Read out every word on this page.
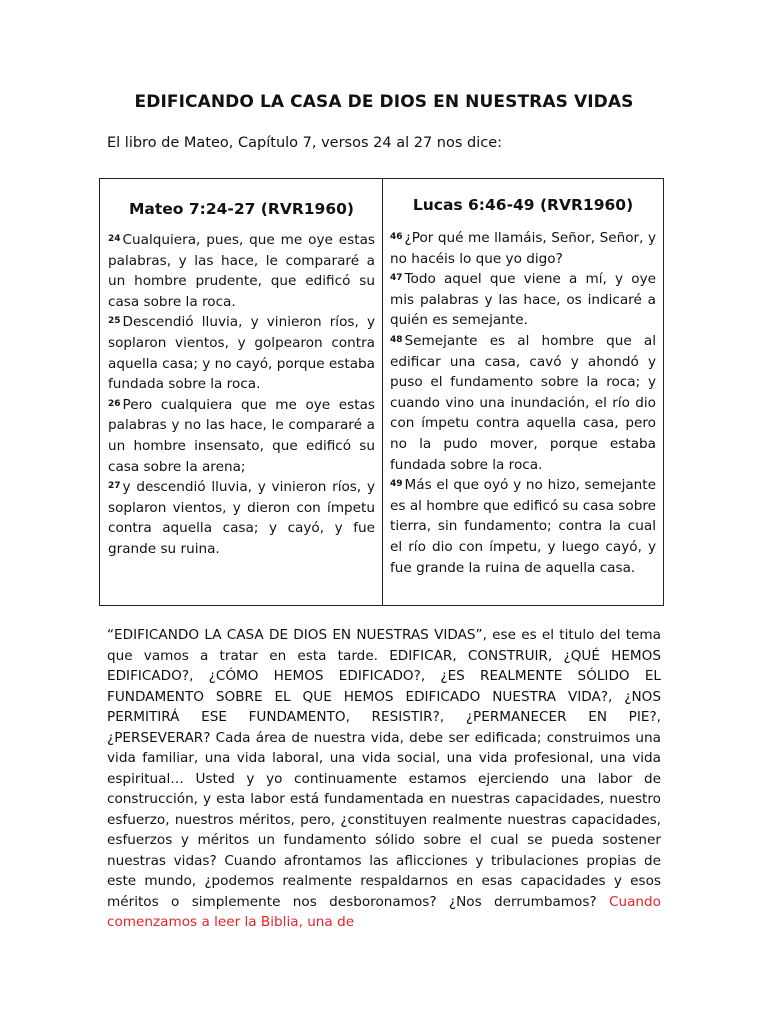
EDIFICANDO LA CASA DE DIOS EN NUESTRAS VIDAS
El libro de Mateo, Capítulo 7, versos 24 al 27 nos dice:
Mateo 7:24-27 (RVR1960)
$^{24}$ Cualquiera, pues, que me oye estas palabras, y las hace, le compararé a un hombre prudente, que edificó su casa sobre la roca.
$^{25}$ Descendió lluvia, y vinieron ríos, y soplaron vientos, y golpearon contra aquella casa; y no cayó, porque estaba fundada sobre la roca.
$^{26}$ Pero cualquiera que me oye estas palabras y no las hace, le compararé a un hombre insensato, que edificó su casa sobre la arena;
$^{27}$ y descendió lluvia, y vinieron ríos, y soplaron vientos, y dieron con ímpetu contra aquella casa; y cayó, y fue grande su ruina.
Lucas 6:46-49 (RVR1960)
$^{46}$ ¿Por qué me llamáis, Señor, Señor, y no hacéis lo que yo digo?
$^{47}$ Todo aquel que viene a mí, y oye mis palabras y las hace, os indicaré a quién es semejante.
$^{48}$ Semejante es al hombre que al edificar una casa, cavó y ahondó y puso el fundamento sobre la roca; y cuando vino una inundación, el río dio con ímpetu contra aquella casa, pero no la pudo mover, porque estaba fundada sobre la roca.
$^{49}$ Más el que oyó y no hizo, semejante es al hombre que edificó su casa sobre tierra, sin fundamento; contra la cual el río dio con ímpetu, y luego cayó, y fue grande la ruina de aquella casa.
“EDIFICANDO LA CASA DE DIOS EN NUESTRAS VIDAS”, ese es el titulo del tema que vamos a tratar en esta tarde. EDIFICAR, CONSTRUIR, ¿QUÉ HEMOS EDIFICADO?, ¿CÓMO HEMOS EDIFICADO?, ¿ES REALMENTE SÓLIDO EL FUNDAMENTO SOBRE EL QUE HEMOS EDIFICADO NUESTRA VIDA?, ¿NOS PERMITIRÁ ESE FUNDAMENTO, RESISTIR?, ¿PERMANECER EN PIE?, ¿PERSEVERAR? Cada área de nuestra vida, debe ser edificada; construimos una vida familiar, una vida laboral, una vida social, una vida profesional, una vida espiritual… Usted y yo continuamente estamos ejerciendo una labor de construcción, y esta labor está fundamentada en nuestras capacidades, nuestro esfuerzo, nuestros méritos, pero, ¿constituyen realmente nuestras capacidades, esfuerzos y méritos un fundamento sólido sobre el cual se pueda sostener nuestras vidas? Cuando afrontamos las aflicciones y tribulaciones propias de este mundo, ¿podemos realmente respaldarnos en esas capacidades y esos méritos o simplemente nos desboronamos? ¿Nos derrumbamos? Cuando comenzamos a leer la Biblia, una de
